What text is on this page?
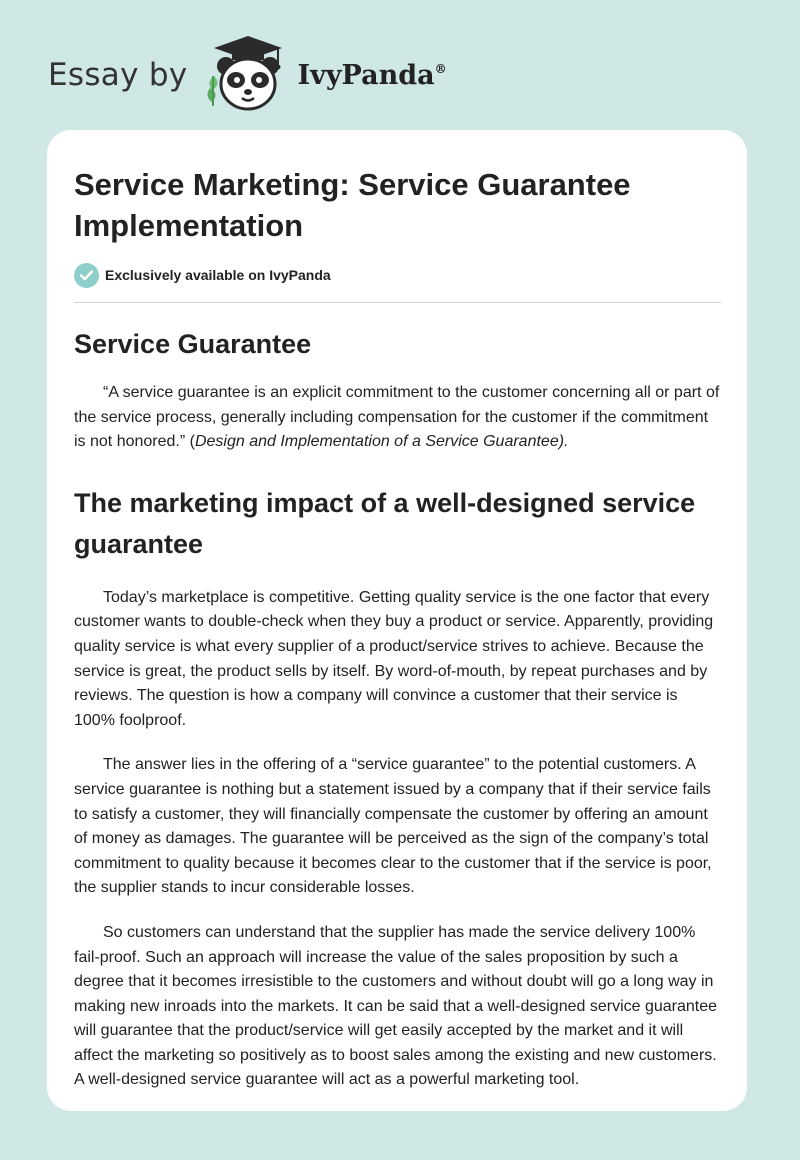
Essay by	IvyPanda®
Service Marketing: Service Guarantee Implementation
Exclusively available on IvyPanda
Service Guarantee

“A service guarantee is an explicit commitment to the customer concerning all or part of the service process, generally including compensation for the customer if the commitment is not honored.” (Design and Implementation of a Service Guarantee).

The marketing impact of a well-designed service guarantee

Today’s marketplace is competitive. Getting quality service is the one factor that every customer wants to double-check when they buy a product or service. Apparently, providing quality service is what every supplier of a product/service strives to achieve. Because the service is great, the product sells by itself. By word-of-mouth, by repeat purchases and by reviews. The question is how a company will convince a customer that their service is 100% foolproof.

The answer lies in the offering of a “service guarantee” to the potential customers. A service guarantee is nothing but a statement issued by a company that if their service fails to satisfy a customer, they will financially compensate the customer by offering an amount of money as damages. The guarantee will be perceived as the sign of the company’s total commitment to quality because it becomes clear to the customer that if the service is poor, the supplier stands to incur considerable losses.

So customers can understand that the supplier has made the service delivery 100% fail-proof. Such an approach will increase the value of the sales proposition by such a degree that it becomes irresistible to the customers and without doubt will go a long way in making new inroads into the markets. It can be said that a well-designed service guarantee will guarantee that the product/service will get easily accepted by the market and it will affect the marketing so positively as to boost sales among the existing and new customers. A well-designed service guarantee will act as a powerful marketing tool.
